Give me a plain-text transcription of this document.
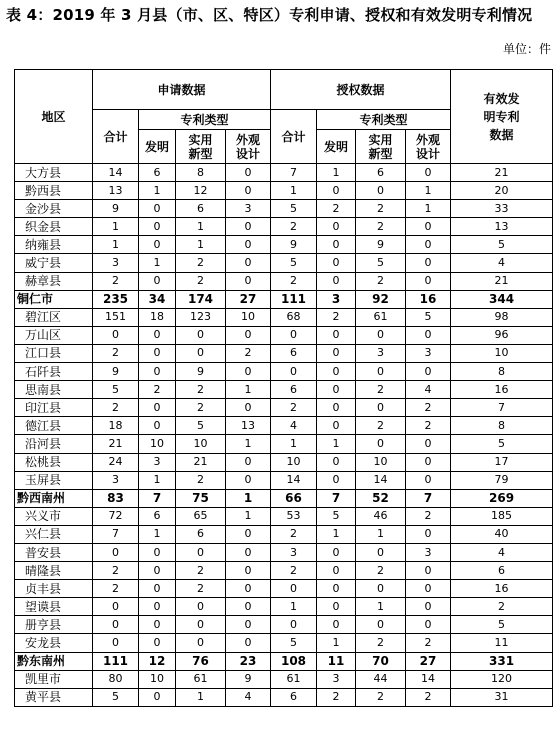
表 4：2019 年 3 月县（市、区、特区）专利申请、授权和有效发明专利情况
单位：件
地区	申请数据				授权数据				有效发明专利数据

	合计	专利类型			合计	专利类型			
		发明	实用新型	外观设计		发明	实用新型	外观设计	

大方县	14	6	8	0	7	1	6	0	21
黔西县	13	1	12	0	1	0	0	1	20
金沙县	9	0	6	3	5	2	2	1	33
织金县	1	0	1	0	2	0	2	0	13
纳雍县	1	0	1	0	9	0	9	0	5
威宁县	3	1	2	0	5	0	5	0	4
赫章县	2	0	2	0	2	0	2	0	21
铜仁市	235	34	174	27	111	3	92	16	344
碧江区	151	18	123	10	68	2	61	5	98
万山区	0	0	0	0	0	0	0	0	96
江口县	2	0	0	2	6	0	3	3	10
石阡县	9	0	9	0	0	0	0	0	8
思南县	5	2	2	1	6	0	2	4	16
印江县	2	0	2	0	2	0	0	2	7
德江县	18	0	5	13	4	0	2	2	8
沿河县	21	10	10	1	1	1	0	0	5
松桃县	24	3	21	0	10	0	10	0	17
玉屏县	3	1	2	0	14	0	14	0	79
黔西南州	83	7	75	1	66	7	52	7	269
兴义市	72	6	65	1	53	5	46	2	185
兴仁县	7	1	6	0	2	1	1	0	40
普安县	0	0	0	0	3	0	0	3	4
晴隆县	2	0	2	0	2	0	2	0	6
贞丰县	2	0	2	0	0	0	0	0	16
望谟县	0	0	0	0	1	0	1	0	2
册亨县	0	0	0	0	0	0	0	0	5
安龙县	0	0	0	0	5	1	2	2	11
黔东南州	111	12	76	23	108	11	70	27	331
凯里市	80	10	61	9	61	3	44	14	120
黄平县	5	0	1	4	6	2	2	2	31
